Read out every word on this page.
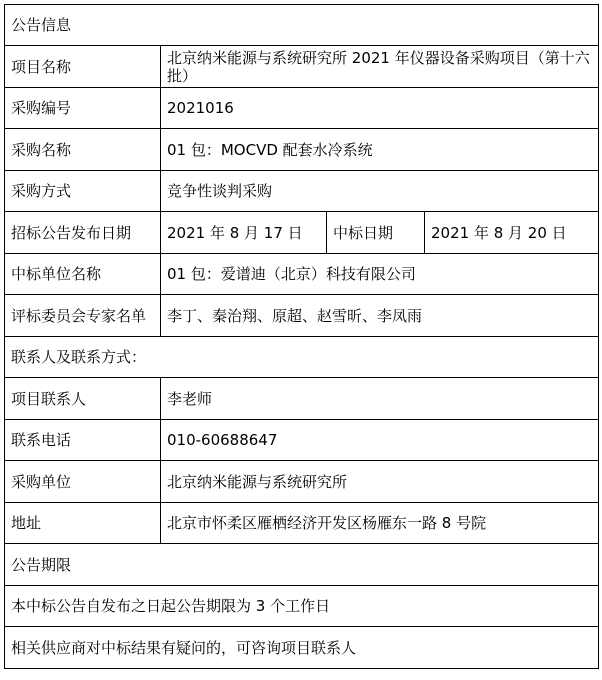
公告信息			
项目名称	北京纳米能源与系统研究所 2021 年仪器设备采购项目（第十六批）		
采购编号	2021016		
采购名称	01 包：MOCVD 配套水冷系统		
采购方式	竞争性谈判采购		
招标公告发布日期	2021 年 8 月 17 日	中标日期	2021 年 8 月 20 日
中标单位名称	01 包：爱谱迪（北京）科技有限公司		
评标委员会专家名单	李丁、秦治翔、原超、赵雪昕、李凤雨		
联系人及联系方式：			
项目联系人	李老师		
联系电话	010-60688647		
采购单位	北京纳米能源与系统研究所		
地址	北京市怀柔区雁栖经济开发区杨雁东一路 8 号院		
公告期限			
本中标公告自发布之日起公告期限为 3 个工作日			
相关供应商对中标结果有疑问的，可咨询项目联系人			
